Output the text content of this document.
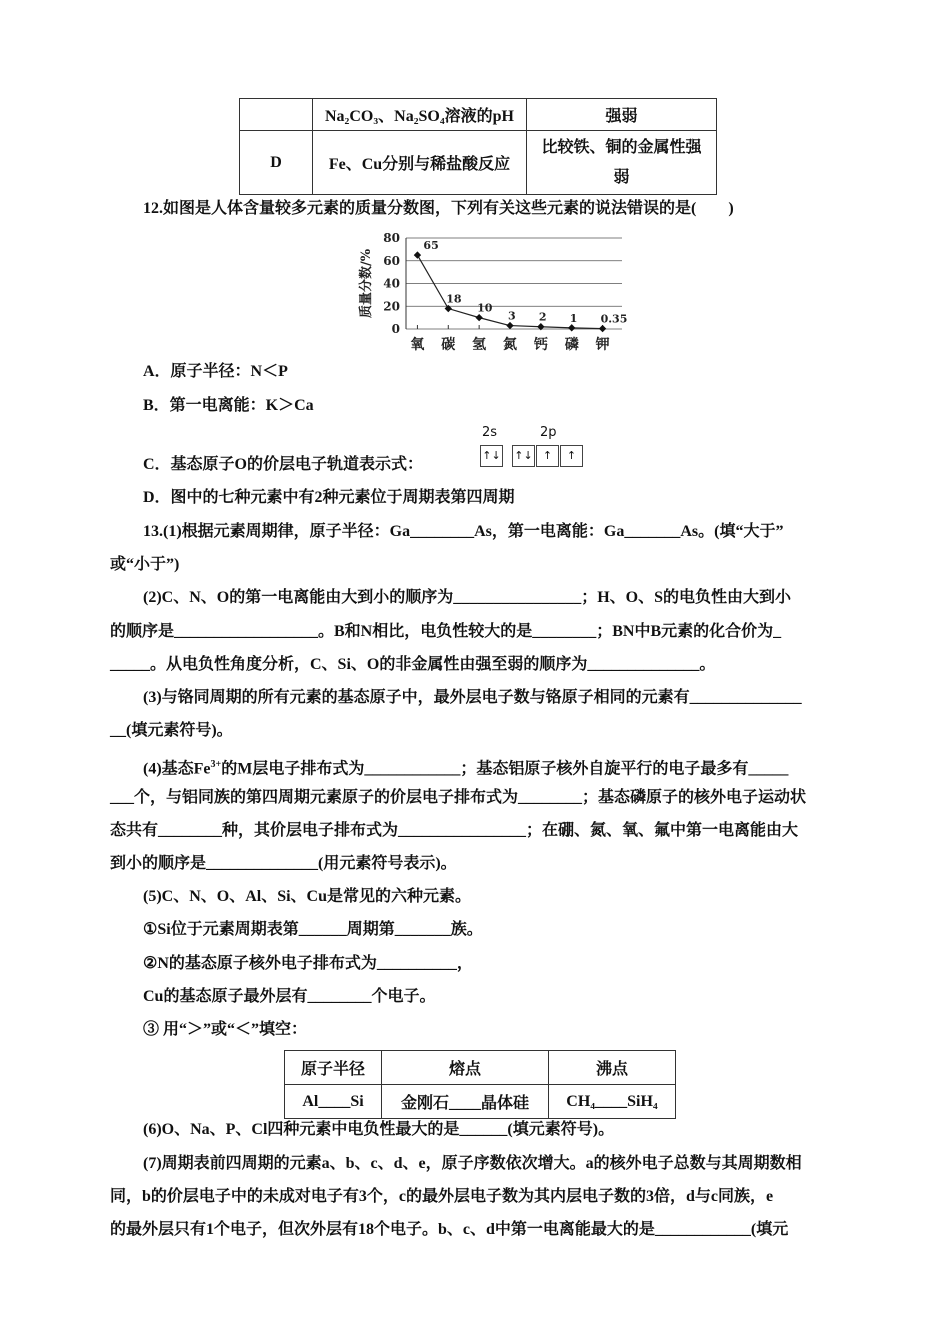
	Na₂CO₃、Na₂SO₄溶液的pH	强弱
D	Fe、Cu分别与稀盐酸反应	比较铁、铜的金属性强
弱
12.如图是人体含量较多元素的质量分数图，下列有关这些元素的说法错误的是(　　)
0
20
40
60
80
质量分数/%
氧 碳 氢 氮 钙 磷 钾
65
18
10
3 2 1 0.35
A．原子半径：N＜P
B．第一电离能：K＞Ca
C．基态原子O的价层电子轨道表示式：
2s	2p
↑↓ ↑↓ ↑	↑
D．图中的七种元素中有2种元素位于周期表第四周期
13.(1)根据元素周期律，原子半径：Ga________As，第一电离能：Ga_______As。(填“大于”
或“小于”)
(2)C、N、O的第一电离能由大到小的顺序为________________；H、O、S的电负性由大到小
的顺序是__________________。B和N相比，电负性较大的是________；BN中B元素的化合价为_
_____。从电负性角度分析，C、Si、O的非金属性由强至弱的顺序为______________。
(3)与铬同周期的所有元素的基态原子中，最外层电子数与铬原子相同的元素有______________
__(填元素符号)。
(4)基态$Fe^{3+}$的M层电子排布式为____________；基态铝原子核外自旋平行的电子最多有_____
___个，与铝同族的第四周期元素原子的价层电子排布式为________；基态磷原子的核外电子运动状
态共有________种，其价层电子排布式为________________；在硼、氮、氧、氟中第一电离能由大
到小的顺序是______________(用元素符号表示)。
(5)C、N、O、Al、Si、Cu是常见的六种元素。
①Si位于元素周期表第______周期第_______族。
②N的基态原子核外电子排布式为__________，
Cu的基态原子最外层有________个电子。
③ 用“＞”或“＜”填空：
原子半径	熔点	沸点
Al____Si	金刚石____晶体硅	CH₄____SiH₄
(6)O、Na、P、Cl四种元素中电负性最大的是______(填元素符号)。
(7)周期表前四周期的元素a、b、c、d、e，原子序数依次增大。a的核外电子总数与其周期数相
同，b的价层电子中的未成对电子有3个，c的最外层电子数为其内层电子数的3倍，d与c同族，e
的最外层只有1个电子，但次外层有18个电子。b、c、d中第一电离能最大的是____________(填元
